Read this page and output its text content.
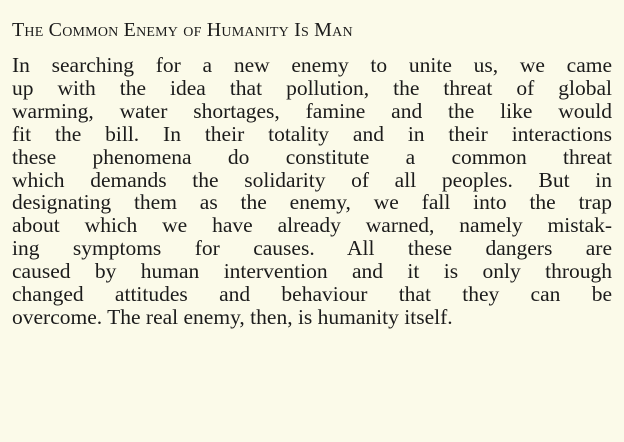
The Common Enemy of Humanity Is Man
In searching for a new enemy to unite us, we came
up with the idea that pollution, the threat of global
warming, water shortages, famine and the like would
fit the bill. In their totality and in their interactions
these phenomena do constitute a common threat
which demands the solidarity of all peoples. But in
designating them as the enemy, we fall into the trap
about which we have already warned, namely mistak-
ing symptoms for causes. All these dangers are
caused by human intervention and it is only through
changed attitudes and behaviour that they can be
overcome. The real enemy, then, is humanity itself.
